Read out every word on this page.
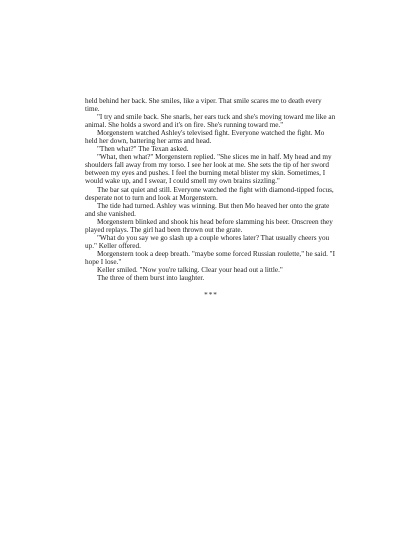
held behind her back. She smiles, like a viper. That smile scares me to death every time.

"I try and smile back. She snarls, her ears tuck and she's moving toward me like an animal. She holds a sword and it's on fire. She's running toward me."

Morgenstern watched Ashley's televised fight. Everyone watched the fight. Mo held her down, battering her arms and head.

"Then what?" The Texan asked.

"What, then what?" Morgenstern replied. "She slices me in half. My head and my shoulders fall away from my torso. I see her look at me. She sets the tip of her sword between my eyes and pushes. I feel the burning metal blister my skin. Sometimes, I would wake up, and I swear, I could smell my own brains sizzling."

The bar sat quiet and still. Everyone watched the fight with diamond-tipped focus, desperate not to turn and look at Morgenstern.

The tide had turned. Ashley was winning. But then Mo heaved her onto the grate and she vanished.

Morgenstern blinked and shook his head before slamming his beer. Onscreen they played replays. The girl had been thrown out the grate.

"What do you say we go slash up a couple whores later? That usually cheers you up." Keller offered.

Morgenstern took a deep breath. "maybe some forced Russian roulette," he said. "I hope I lose."

Keller smiled. "Now you're talking. Clear your head out a little."

The three of them burst into laughter.

***
